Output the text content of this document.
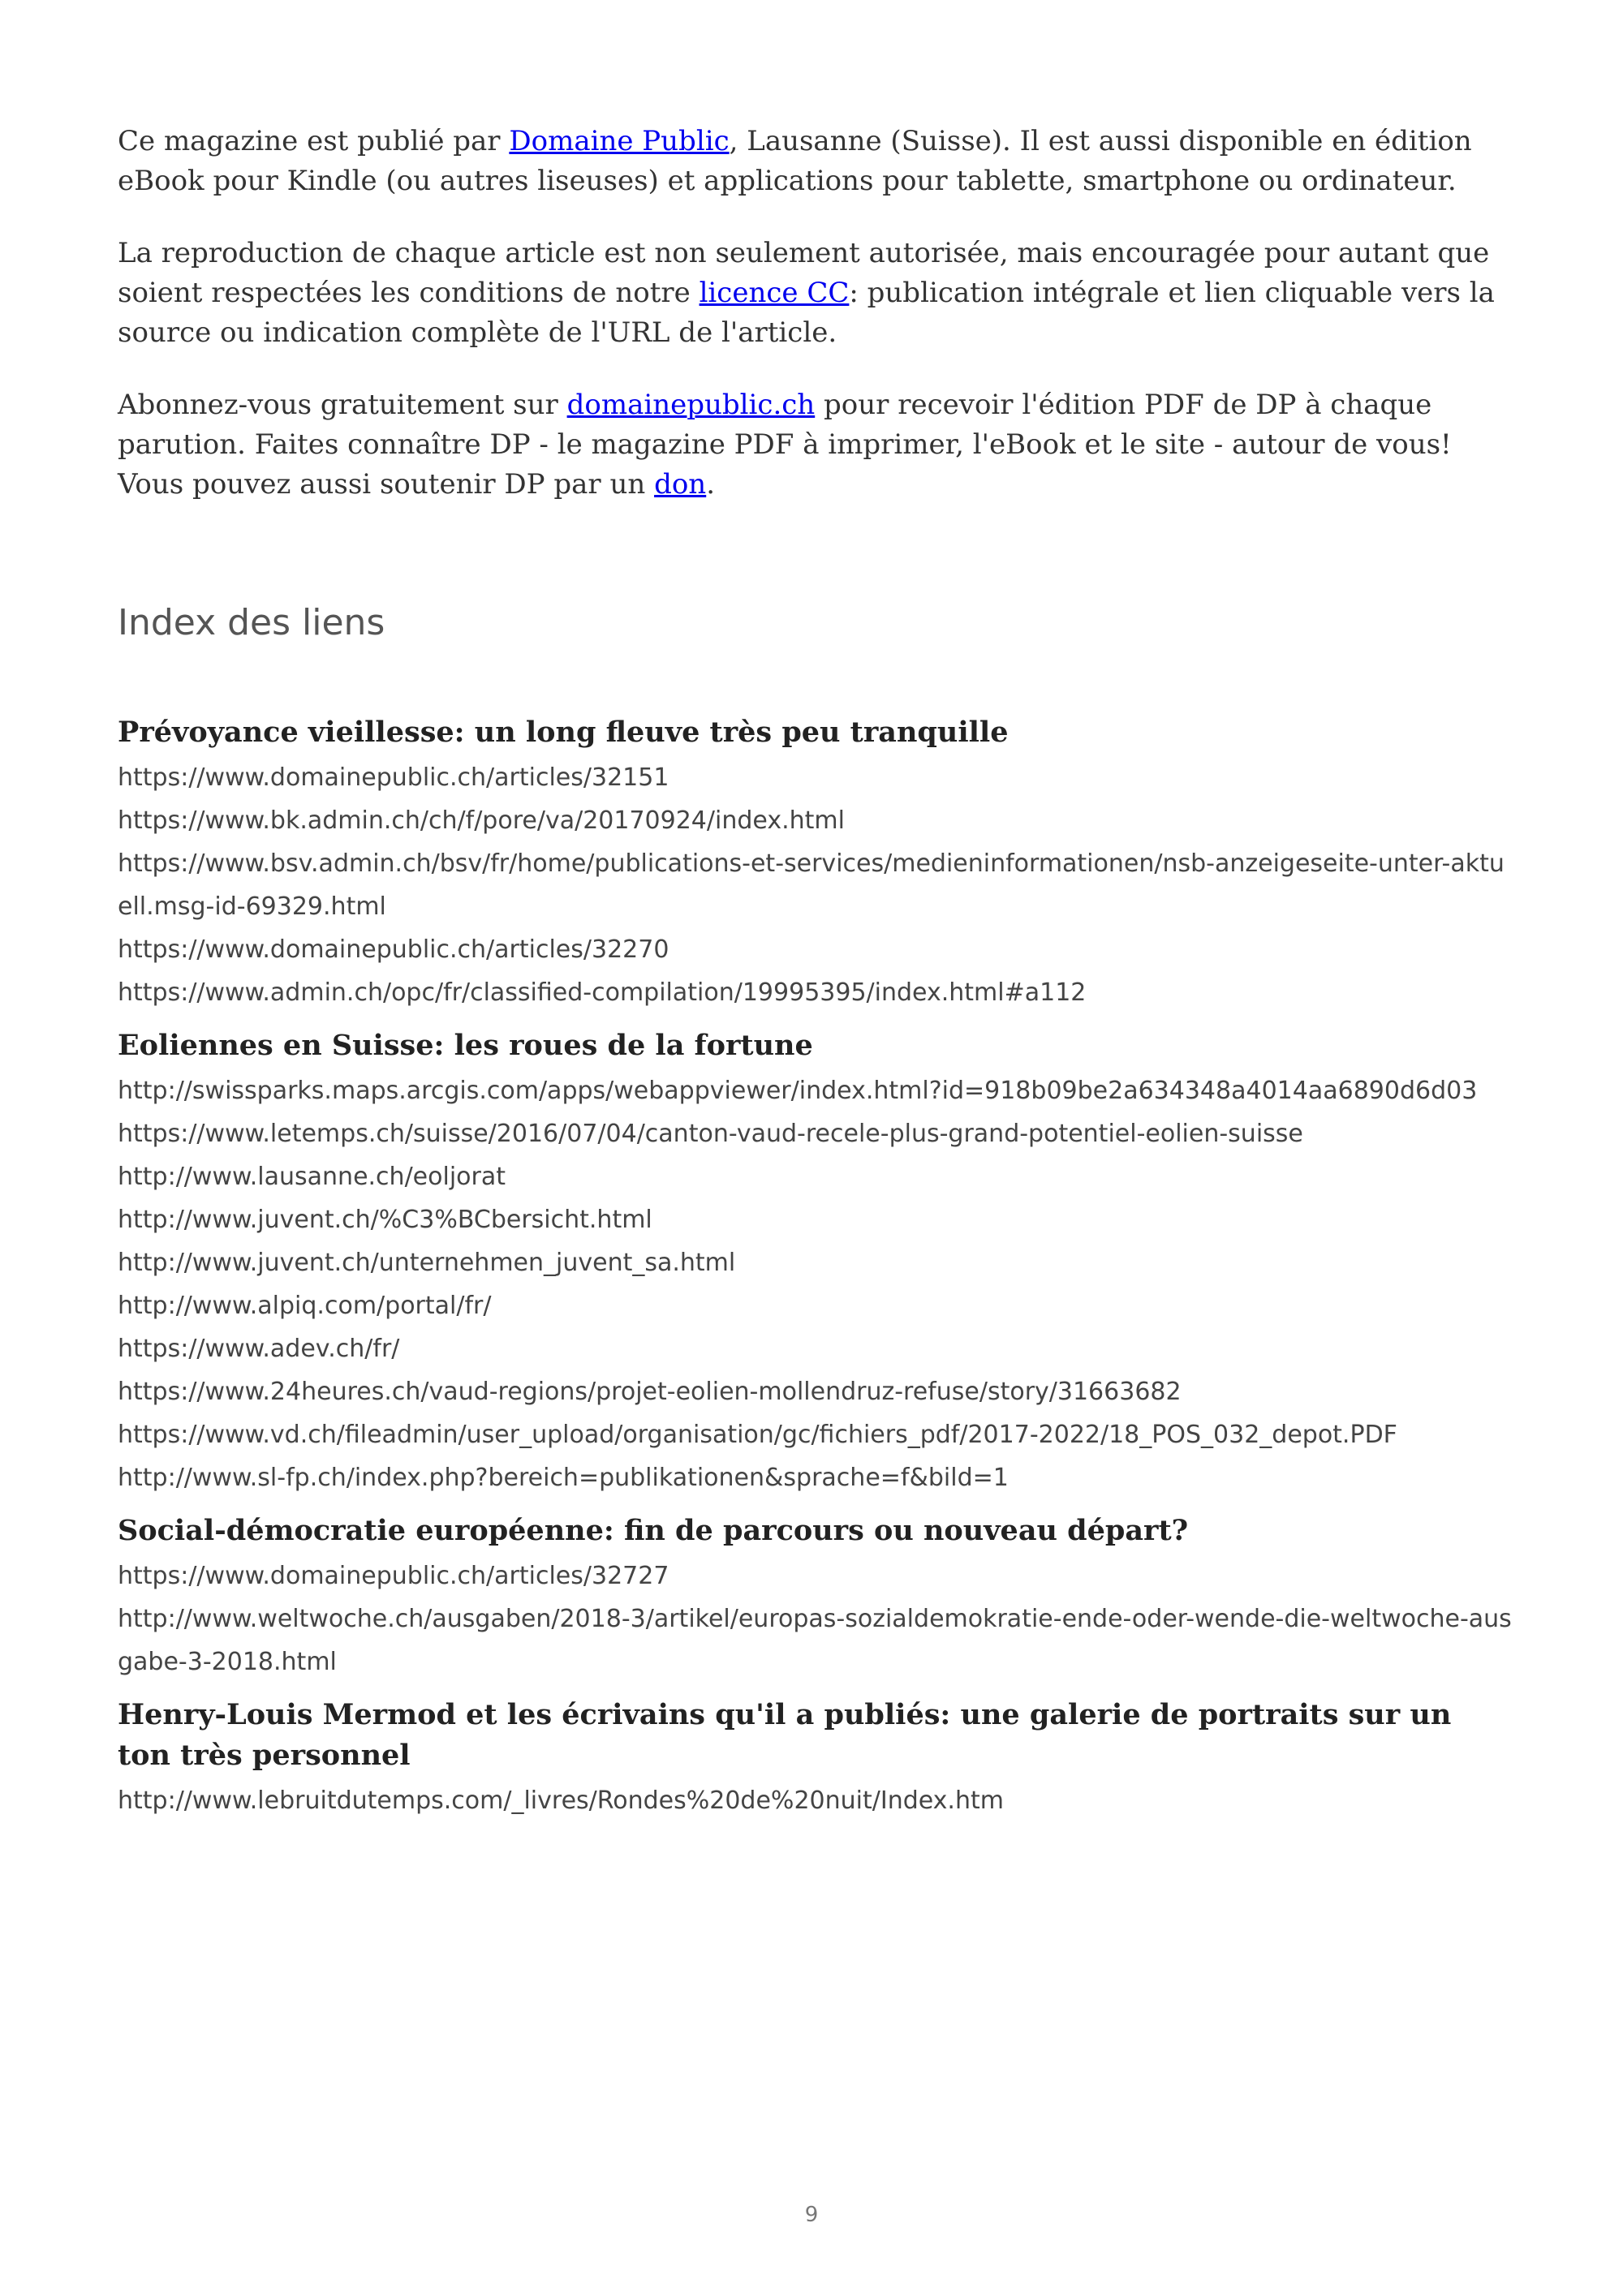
Ce magazine est publié par Domaine Public, Lausanne (Suisse). Il est aussi disponible en édition eBook pour Kindle (ou autres liseuses) et applications pour tablette, smartphone ou ordinateur.

La reproduction de chaque article est non seulement autorisée, mais encouragée pour autant que soient respectées les conditions de notre licence CC: publication intégrale et lien cliquable vers la source ou indication complète de l'URL de l'article.

Abonnez-vous gratuitement sur domainepublic.ch pour recevoir l'édition PDF de DP à chaque parution. Faites connaître DP - le magazine PDF à imprimer, l'eBook et le site - autour de vous! Vous pouvez aussi soutenir DP par un don.

Index des liens
Prévoyance vieillesse: un long fleuve très peu tranquille
https://www.domainepublic.ch/articles/32151
https://www.bk.admin.ch/ch/f/pore/va/20170924/index.html
https://www.bsv.admin.ch/bsv/fr/home/publications-et-services/medieninformationen/nsb-anzeigeseite-unter-aktuell.msg-id-69329.html
https://www.domainepublic.ch/articles/32270
https://www.admin.ch/opc/fr/classified-compilation/19995395/index.html#a112
Eoliennes en Suisse: les roues de la fortune
http://swissparks.maps.arcgis.com/apps/webappviewer/index.html?id=918b09be2a634348a4014aa6890d6d03
https://www.letemps.ch/suisse/2016/07/04/canton-vaud-recele-plus-grand-potentiel-eolien-suisse
http://www.lausanne.ch/eoljorat
http://www.juvent.ch/%C3%BCbersicht.html
http://www.juvent.ch/unternehmen_juvent_sa.html
http://www.alpiq.com/portal/fr/
https://www.adev.ch/fr/
https://www.24heures.ch/vaud-regions/projet-eolien-mollendruz-refuse/story/31663682
https://www.vd.ch/fileadmin/user_upload/organisation/gc/fichiers_pdf/2017-2022/18_POS_032_depot.PDF
http://www.sl-fp.ch/index.php?bereich=publikationen&sprache=f&bild=1
Social-démocratie européenne: fin de parcours ou nouveau départ?
https://www.domainepublic.ch/articles/32727
http://www.weltwoche.ch/ausgaben/2018-3/artikel/europas-sozialdemokratie-ende-oder-wende-die-weltwoche-ausgabe-3-2018.html
Henry-Louis Mermod et les écrivains qu'il a publiés: une galerie de portraits sur un ton très personnel
http://www.lebruitdutemps.com/_livres/Rondes%20de%20nuit/Index.htm
9
